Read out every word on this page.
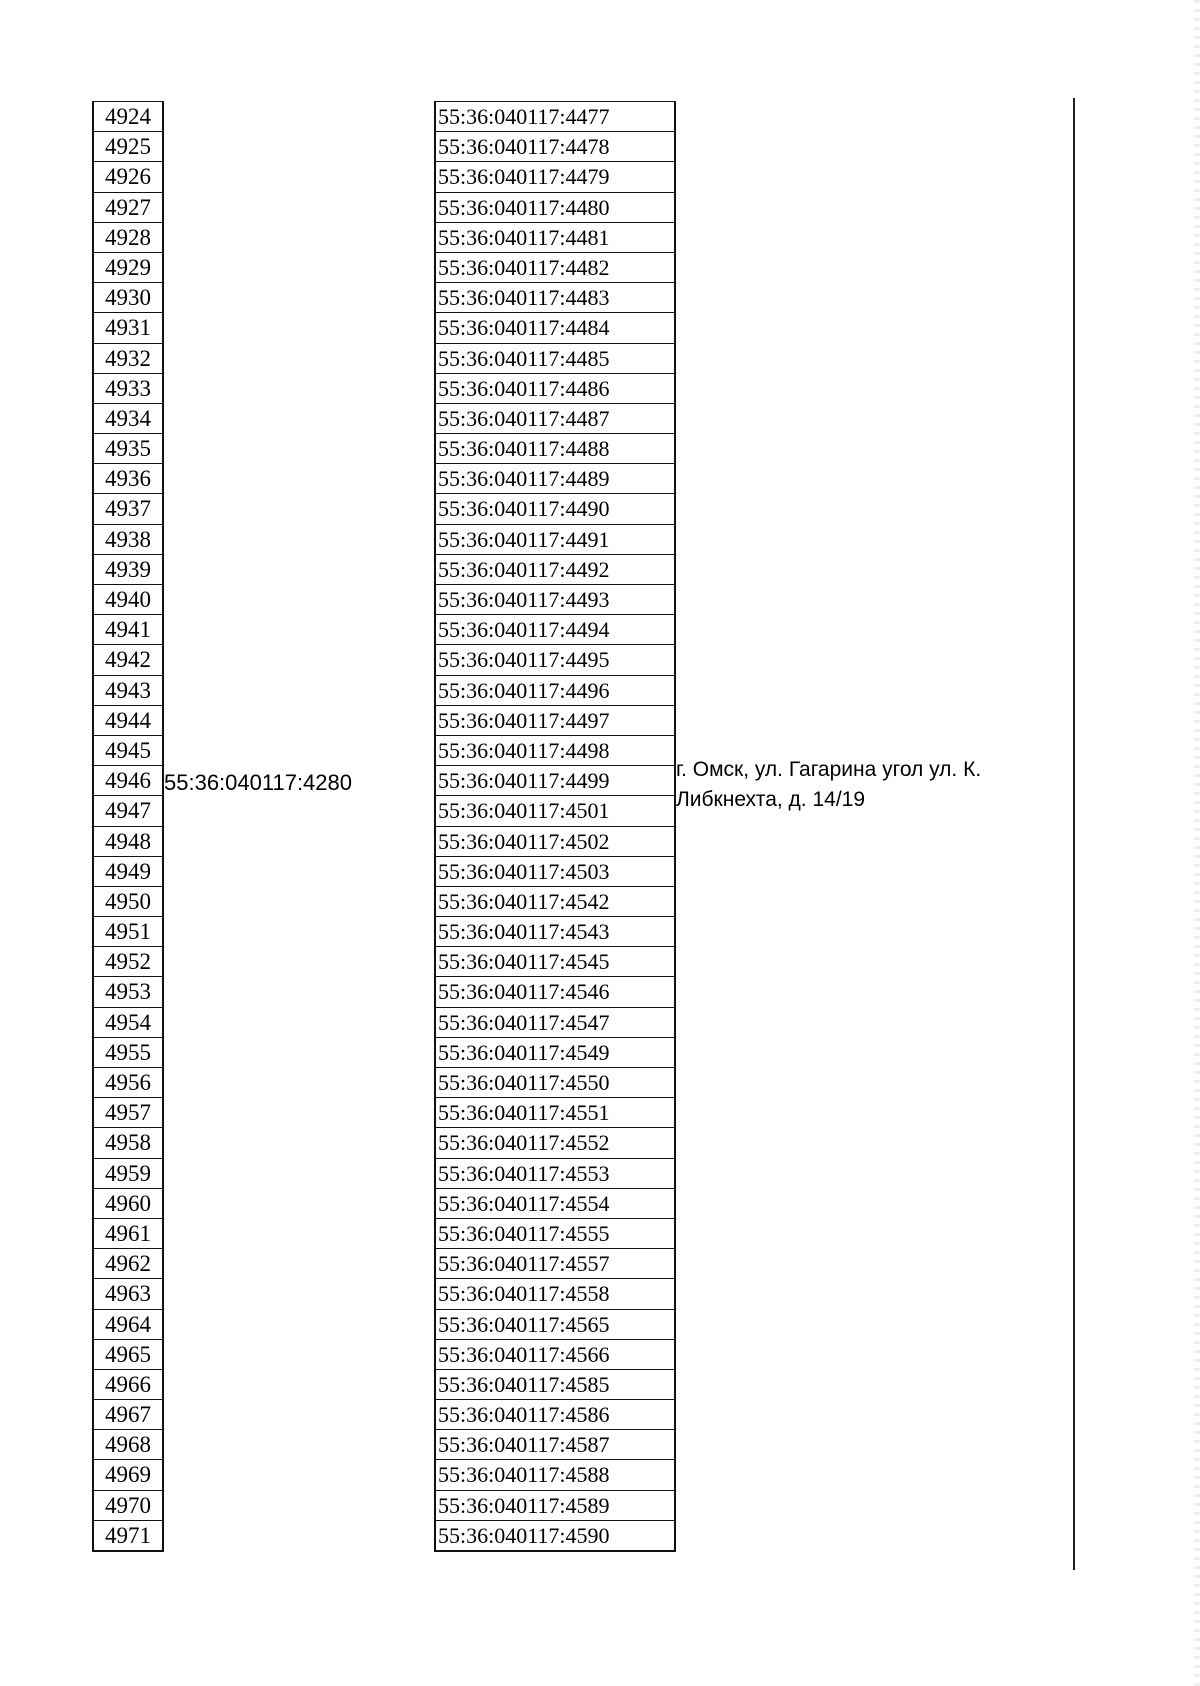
4924
4925
4926
4927
4928
4929
4930
4931
4932
4933
4934
4935
4936
4937
4938
4939
4940
4941
4942
4943
4944
4945
4946
4947
4948
4949
4950
4951
4952
4953
4954
4955
4956
4957
4958
4959
4960
4961
4962
4963
4964
4965
4966
4967
4968
4969
4970
4971
55:36:040117:4280
55:36:040117:4477
55:36:040117:4478
55:36:040117:4479
55:36:040117:4480
55:36:040117:4481
55:36:040117:4482
55:36:040117:4483
55:36:040117:4484
55:36:040117:4485
55:36:040117:4486
55:36:040117:4487
55:36:040117:4488
55:36:040117:4489
55:36:040117:4490
55:36:040117:4491
55:36:040117:4492
55:36:040117:4493
55:36:040117:4494
55:36:040117:4495
55:36:040117:4496
55:36:040117:4497
55:36:040117:4498
55:36:040117:4499
55:36:040117:4501
55:36:040117:4502
55:36:040117:4503
55:36:040117:4542
55:36:040117:4543
55:36:040117:4545
55:36:040117:4546
55:36:040117:4547
55:36:040117:4549
55:36:040117:4550
55:36:040117:4551
55:36:040117:4552
55:36:040117:4553
55:36:040117:4554
55:36:040117:4555
55:36:040117:4557
55:36:040117:4558
55:36:040117:4565
55:36:040117:4566
55:36:040117:4585
55:36:040117:4586
55:36:040117:4587
55:36:040117:4588
55:36:040117:4589
55:36:040117:4590
г. Омск, ул. Гагарина угол ул. К. Либкнехта, д. 14/19
